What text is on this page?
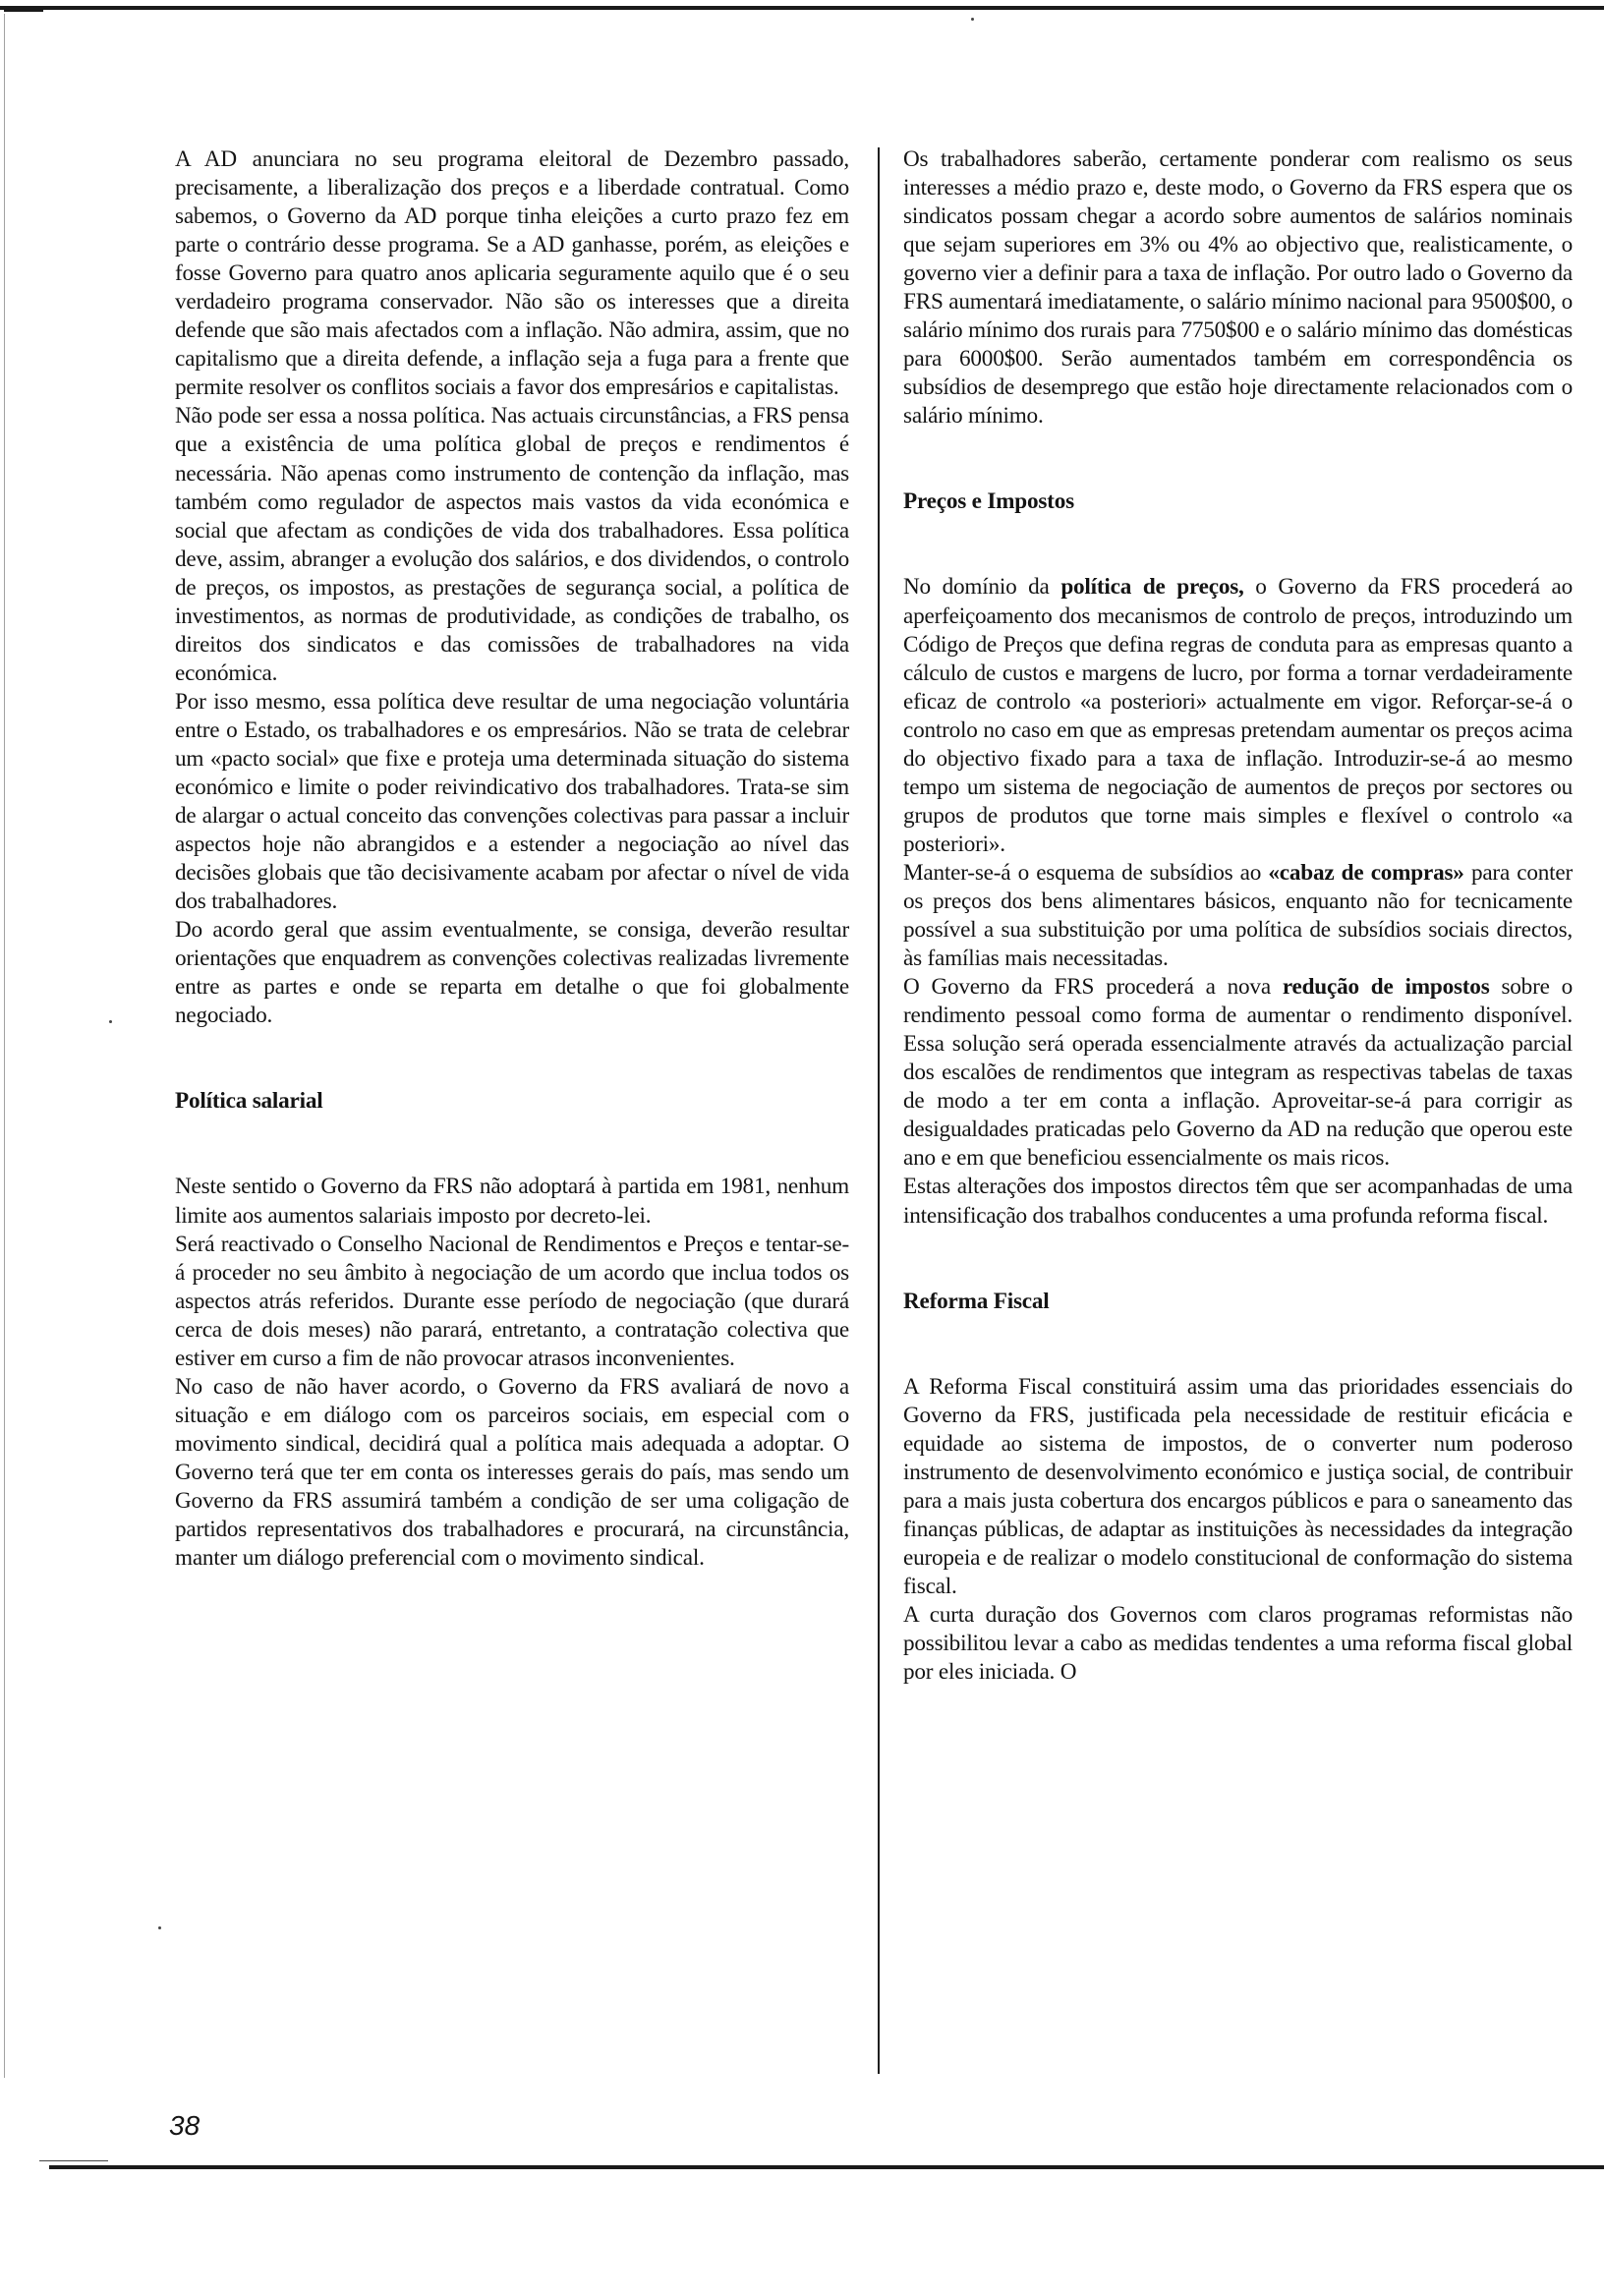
A AD anunciara no seu programa eleitoral de Dezembro passado, precisamente, a liberalização dos preços e a liberdade contratual. Como sabemos, o Governo da AD porque tinha eleições a curto prazo fez em parte o contrário desse programa. Se a AD ganhasse, porém, as eleições e fosse Governo para quatro anos aplicaria seguramente aquilo que é o seu verdadeiro programa conservador. Não são os interesses que a direita defende que são mais afectados com a inflação. Não admira, assim, que no capitalismo que a direita defende, a inflação seja a fuga para a frente que permite resolver os conflitos sociais a favor dos empresários e capitalistas.

Não pode ser essa a nossa política. Nas actuais circunstâncias, a FRS pensa que a existência de uma política global de preços e rendimentos é necessária. Não apenas como instrumento de contenção da inflação, mas também como regulador de aspectos mais vastos da vida económica e social que afectam as condições de vida dos trabalhadores. Essa política deve, assim, abranger a evolução dos salários, e dos dividendos, o controlo de preços, os impostos, as prestações de segurança social, a política de investimentos, as normas de produtividade, as condições de trabalho, os direitos dos sindicatos e das comissões de trabalhadores na vida económica.

Por isso mesmo, essa política deve resultar de uma negociação voluntária entre o Estado, os trabalhadores e os empresários. Não se trata de celebrar um «pacto social» que fixe e proteja uma determinada situação do sistema económico e limite o poder reivindicativo dos trabalhadores. Trata-se sim de alargar o actual conceito das convenções colectivas para passar a incluir aspectos hoje não abrangidos e a estender a negociação ao nível das decisões globais que tão decisivamente acabam por afectar o nível de vida dos trabalhadores.

Do acordo geral que assim eventualmente, se consiga, deverão resultar orientações que enquadrem as convenções colectivas realizadas livremente entre as partes e onde se reparta em detalhe o que foi globalmente negociado.

Política salarial

Neste sentido o Governo da FRS não adoptará à partida em 1981, nenhum limite aos aumentos salariais imposto por decreto-lei.

Será reactivado o Conselho Nacional de Rendimentos e Preços e tentar-se-á proceder no seu âmbito à negociação de um acordo que inclua todos os aspectos atrás referidos. Durante esse período de negociação (que durará cerca de dois meses) não parará, entretanto, a contratação colectiva que estiver em curso a fim de não provocar atrasos inconvenientes.

No caso de não haver acordo, o Governo da FRS avaliará de novo a situação e em diálogo com os parceiros sociais, em especial com o movimento sindical, decidirá qual a política mais adequada a adoptar. O Governo terá que ter em conta os interesses gerais do país, mas sendo um Governo da FRS assumirá também a condição de ser uma coligação de partidos representativos dos trabalhadores e procurará, na circunstância, manter um diálogo preferencial com o movimento sindical.

Os trabalhadores saberão, certamente ponderar com realismo os seus interesses a médio prazo e, deste modo, o Governo da FRS espera que os sindicatos possam chegar a acordo sobre aumentos de salários nominais que sejam superiores em 3% ou 4% ao objectivo que, realisticamente, o governo vier a definir para a taxa de inflação. Por outro lado o Governo da FRS aumentará imediatamente, o salário mínimo nacional para 9500$00, o salário mínimo dos rurais para 7750$00 e o salário mínimo das domésticas para 6000$00. Serão aumentados também em correspondência os subsídios de desemprego que estão hoje directamente relacionados com o salário mínimo.

Preços e Impostos

No domínio da política de preços, o Governo da FRS procederá ao aperfeiçoamento dos mecanismos de controlo de preços, introduzindo um Código de Preços que defina regras de conduta para as empresas quanto a cálculo de custos e margens de lucro, por forma a tornar verdadeiramente eficaz de controlo «a posteriori» actualmente em vigor. Reforçar-se-á o controlo no caso em que as empresas pretendam aumentar os preços acima do objectivo fixado para a taxa de inflação. Introduzir-se-á ao mesmo tempo um sistema de negociação de aumentos de preços por sectores ou grupos de produtos que torne mais simples e flexível o controlo «a posteriori».

Manter-se-á o esquema de subsídios ao «cabaz de compras» para conter os preços dos bens alimentares básicos, enquanto não for tecnicamente possível a sua substituição por uma política de subsídios sociais directos, às famílias mais necessitadas.

O Governo da FRS procederá a nova redução de impostos sobre o rendimento pessoal como forma de aumentar o rendimento disponível. Essa solução será operada essencialmente através da actualização parcial dos escalões de rendimentos que integram as respectivas tabelas de taxas de modo a ter em conta a inflação. Aproveitar-se-á para corrigir as desigualdades praticadas pelo Governo da AD na redução que operou este ano e em que beneficiou essencialmente os mais ricos.

Estas alterações dos impostos directos têm que ser acompanhadas de uma intensificação dos trabalhos conducentes a uma profunda reforma fiscal.

Reforma Fiscal

A Reforma Fiscal constituirá assim uma das prioridades essenciais do Governo da FRS, justificada pela necessidade de restituir eficácia e equidade ao sistema de impostos, de o converter num poderoso instrumento de desenvolvimento económico e justiça social, de contribuir para a mais justa cobertura dos encargos públicos e para o saneamento das finanças públicas, de adaptar as instituições às necessidades da integração europeia e de realizar o modelo constitucional de conformação do sistema fiscal.

A curta duração dos Governos com claros programas reformistas não possibilitou levar a cabo as medidas tendentes a uma reforma fiscal global por eles iniciada. O

38
